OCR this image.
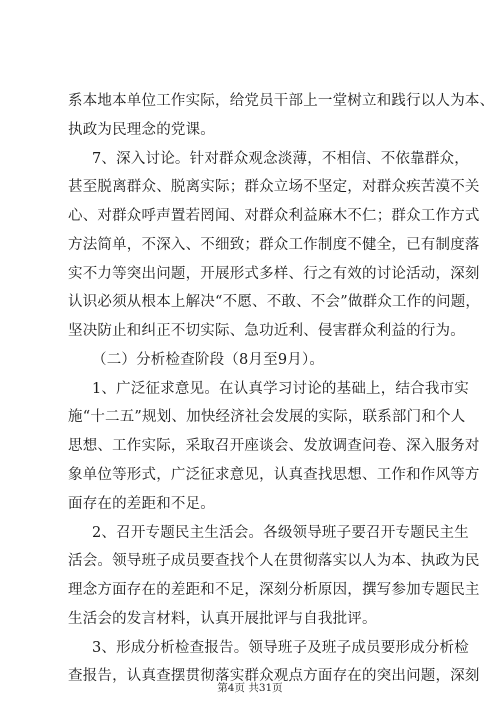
系本地本单位工作实际，给党员干部上一堂树立和践行以人为本、
执政为民理念的党课。
7、深入讨论。针对群众观念淡薄，不相信、不依靠群众，
甚至脱离群众、脱离实际；群众立场不坚定，对群众疾苦漠不关
心、对群众呼声置若罔闻、对群众利益麻木不仁；群众工作方式
方法简单，不深入、不细致；群众工作制度不健全，已有制度落
实不力等突出问题，开展形式多样、行之有效的讨论活动，深刻
认识必须从根本上解决“不愿、不敢、不会”做群众工作的问题，
坚决防止和纠正不切实际、急功近利、侵害群众利益的行为。
（二）分析检查阶段（8月至9月）。
1、广泛征求意见。在认真学习讨论的基础上，结合我市实
施“十二五”规划、加快经济社会发展的实际，联系部门和个人
思想、工作实际，采取召开座谈会、发放调查问卷、深入服务对
象单位等形式，广泛征求意见，认真查找思想、工作和作风等方
面存在的差距和不足。
2、召开专题民主生活会。各级领导班子要召开专题民主生
活会。领导班子成员要查找个人在贯彻落实以人为本、执政为民
理念方面存在的差距和不足，深刻分析原因，撰写参加专题民主
生活会的发言材料，认真开展批评与自我批评。
3、形成分析检查报告。领导班子及班子成员要形成分析检
查报告，认真查摆贯彻落实群众观点方面存在的突出问题，深刻
第4页 共31页
